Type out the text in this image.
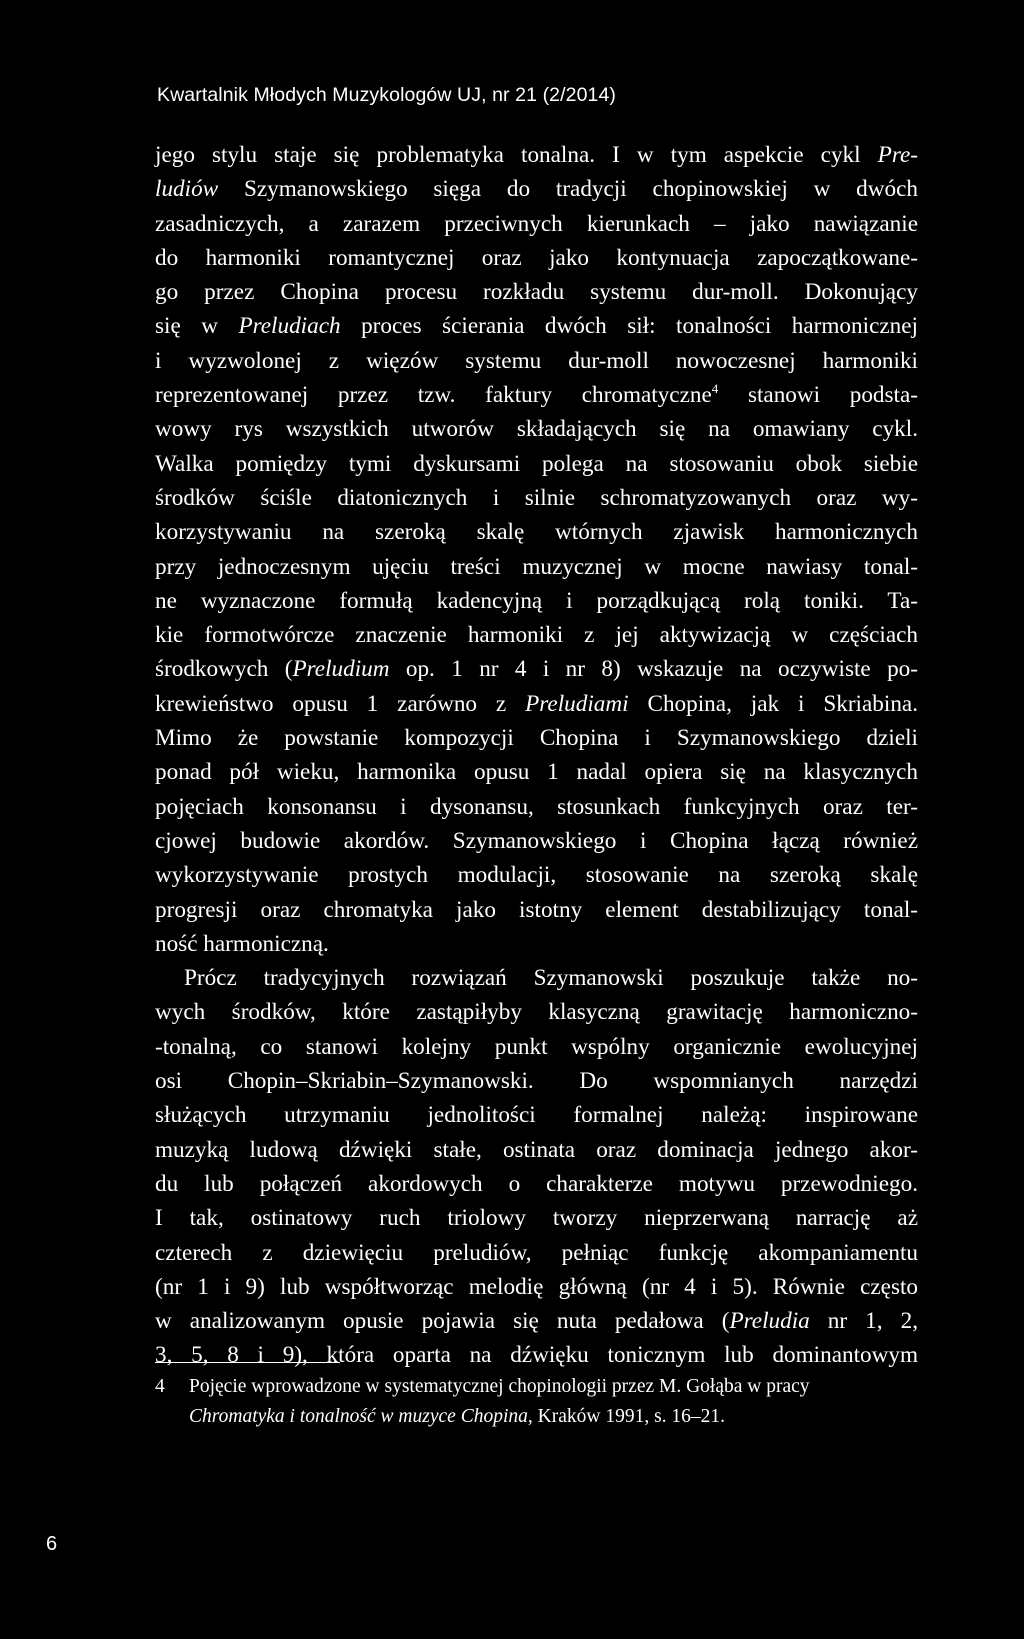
Kwartalnik Młodych Muzykologów UJ, nr 21 (2/2014)
jego stylu staje się problematyka tonalna. I w tym aspekcie cykl Pre-
ludiów Szymanowskiego sięga do tradycji chopinowskiej w dwóch
zasadniczych, a zarazem przeciwnych kierunkach – jako nawiązanie
do harmoniki romantycznej oraz jako kontynuacja zapoczątkowane-
go przez Chopina procesu rozkładu systemu dur-moll. Dokonujący
się w Preludiach proces ścierania dwóch sił: tonalności harmonicznej
i wyzwolonej z więzów systemu dur-moll nowoczesnej harmoniki
reprezentowanej przez tzw. faktury chromatyczne$^4$ stanowi podsta-
wowy rys wszystkich utworów składających się na omawiany cykl.
Walka pomiędzy tymi dyskursami polega na stosowaniu obok siebie
środków ściśle diatonicznych i silnie schromatyzowanych oraz wy-
korzystywaniu na szeroką skalę wtórnych zjawisk harmonicznych
przy jednoczesnym ujęciu treści muzycznej w mocne nawiasy tonal-
ne wyznaczone formułą kadencyjną i porządkującą rolą toniki. Ta-
kie formotwórcze znaczenie harmoniki z jej aktywizacją w częściach
środkowych (Preludium op. 1 nr 4 i nr 8) wskazuje na oczywiste po-
krewieństwo opusu 1 zarówno z Preludiami Chopina, jak i Skriabina.
Mimo że powstanie kompozycji Chopina i Szymanowskiego dzieli
ponad pół wieku, harmonika opusu 1 nadal opiera się na klasycznych
pojęciach konsonansu i dysonansu, stosunkach funkcyjnych oraz ter-
cjowej budowie akordów. Szymanowskiego i Chopina łączą również
wykorzystywanie prostych modulacji, stosowanie na szeroką skalę
progresji oraz chromatyka jako istotny element destabilizujący tonal-
ność harmoniczną.
Prócz tradycyjnych rozwiązań Szymanowski poszukuje także no-
wych środków, które zastąpiłyby klasyczną grawitację harmoniczno-
-tonalną, co stanowi kolejny punkt wspólny organicznie ewolucyjnej
osi Chopin–Skriabin–Szymanowski. Do wspomnianych narzędzi
służących utrzymaniu jednolitości formalnej należą: inspirowane
muzyką ludową dźwięki stałe, ostinata oraz dominacja jednego akor-
du lub połączeń akordowych o charakterze motywu przewodniego.
I tak, ostinatowy ruch triolowy tworzy nieprzerwaną narrację aż
czterech z dziewięciu preludiów, pełniąc funkcję akompaniamentu
(nr 1 i 9) lub współtworząc melodię główną (nr 4 i 5). Równie często
w analizowanym opusie pojawia się nuta pedałowa (Preludia nr 1, 2,
3, 5, 8 i 9), która oparta na dźwięku tonicznym lub dominantowym
4 Pojęcie wprowadzone w systematycznej chopinologii przez M. Gołąba w pracy
Chromatyka i tonalność w muzyce Chopina, Kraków 1991, s. 16–21.
6
